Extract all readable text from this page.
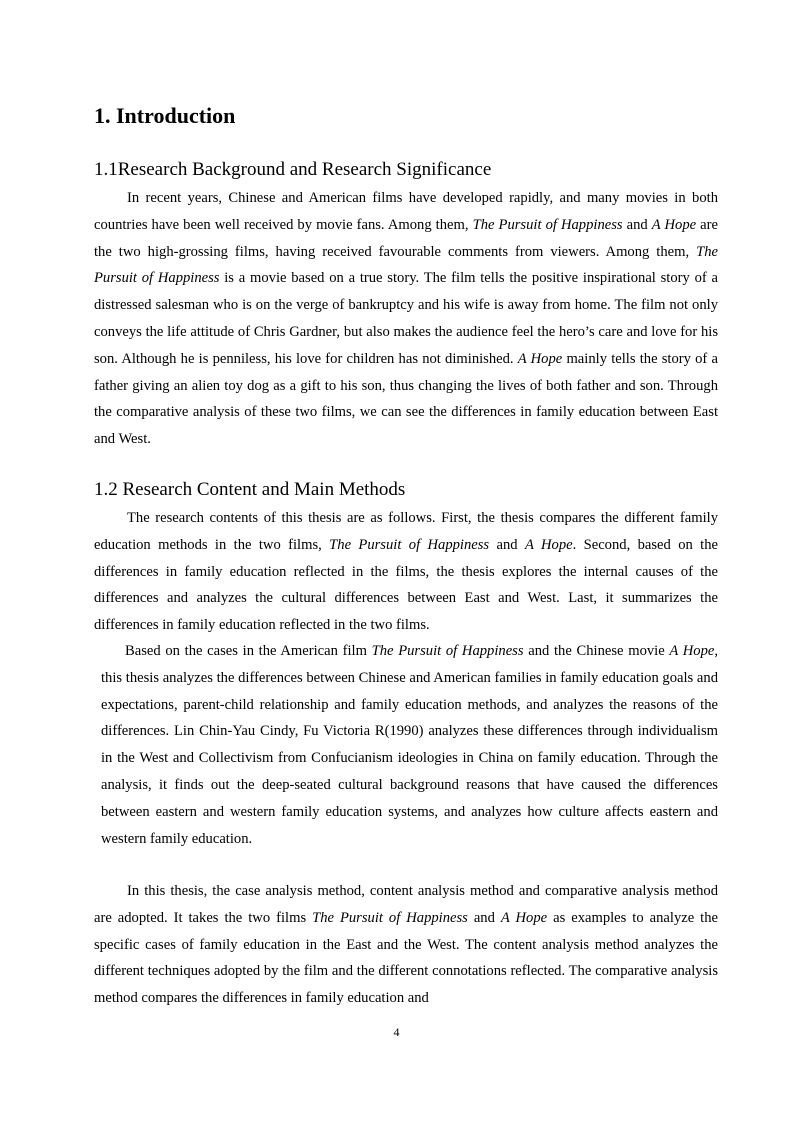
1. Introduction
1.1Research Background and Research Significance

In recent years, Chinese and American films have developed rapidly, and many movies in both countries have been well received by movie fans. Among them, The Pursuit of Happiness and A Hope are the two high-grossing films, having received favourable comments from viewers. Among them, The Pursuit of Happiness is a movie based on a true story. The film tells the positive inspirational story of a distressed salesman who is on the verge of bankruptcy and his wife is away from home. The film not only conveys the life attitude of Chris Gardner, but also makes the audience feel the hero’s care and love for his son. Although he is penniless, his love for children has not diminished. A Hope mainly tells the story of a father giving an alien toy dog as a gift to his son, thus changing the lives of both father and son. Through the comparative analysis of these two films, we can see the differences in family education between East and West.

1.2 Research Content and Main Methods

The research contents of this thesis are as follows. First, the thesis compares the different family education methods in the two films, The Pursuit of Happiness and A Hope. Second, based on the differences in family education reflected in the films, the thesis explores the internal causes of the differences and analyzes the cultural differences between East and West. Last, it summarizes the differences in family education reflected in the two films.

Based on the cases in the American film The Pursuit of Happiness and the Chinese movie A Hope, this thesis analyzes the differences between Chinese and American families in family education goals and expectations, parent-child relationship and family education methods, and analyzes the reasons of the differences. Lin Chin-Yau Cindy, Fu Victoria R(1990) analyzes these differences through individualism in the West and Collectivism from Confucianism ideologies in China on family education. Through the analysis, it finds out the deep-seated cultural background reasons that have caused the differences between eastern and western family education systems, and analyzes how culture affects eastern and western family education.

In this thesis, the case analysis method, content analysis method and comparative analysis method are adopted. It takes the two films The Pursuit of Happiness and A Hope as examples to analyze the specific cases of family education in the East and the West. The content analysis method analyzes the different techniques adopted by the film and the different connotations reflected. The comparative analysis method compares the differences in family education and

4
